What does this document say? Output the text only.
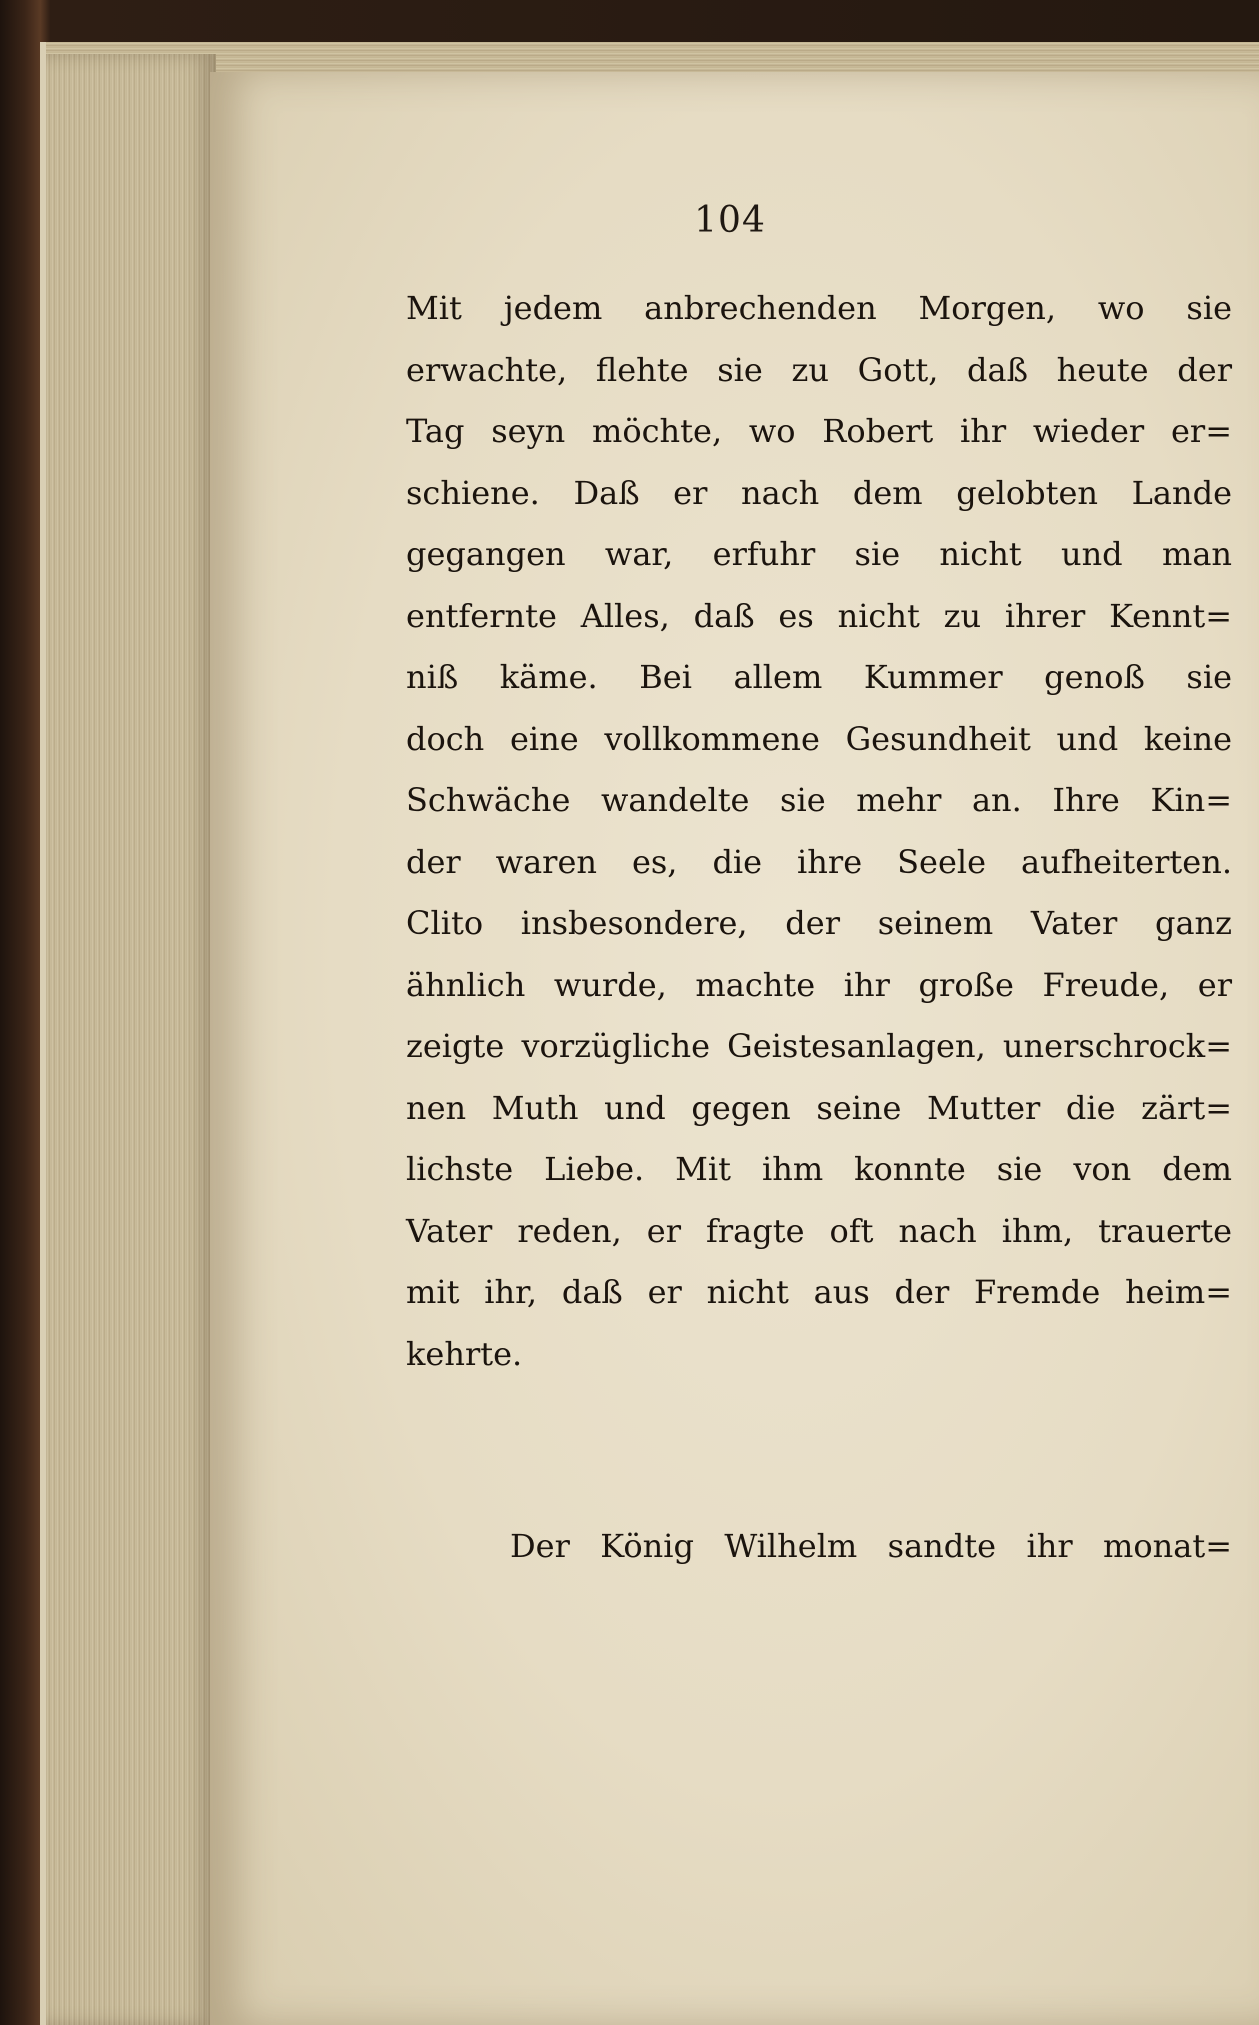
104
Mit jedem anbrechenden Morgen, wo sie
erwachte, flehte sie zu Gott, daß heute der
Tag seyn möchte, wo Robert ihr wieder er=
schiene. Daß er nach dem gelobten Lande
gegangen war, erfuhr sie nicht und man
entfernte Alles, daß es nicht zu ihrer Kennt=
niß käme. Bei allem Kummer genoß sie
doch eine vollkommene Gesundheit und keine
Schwäche wandelte sie mehr an. Ihre Kin=
der waren es, die ihre Seele aufheiterten.
Clito insbesondere, der seinem Vater ganz
ähnlich wurde, machte ihr große Freude, er
zeigte vorzügliche Geistesanlagen, unerschrock=
nen Muth und gegen seine Mutter die zärt=
lichste Liebe. Mit ihm konnte sie von dem
Vater reden, er fragte oft nach ihm, trauerte
mit ihr, daß er nicht aus der Fremde heim=
kehrte.
Der König Wilhelm sandte ihr monat=
